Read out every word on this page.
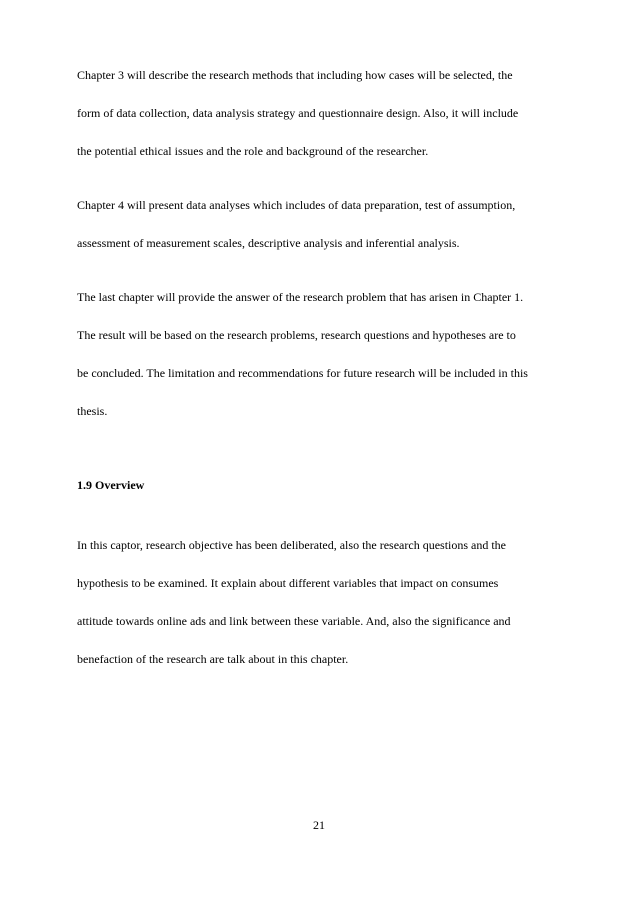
Chapter 3 will describe the research methods that including how cases will be selected, the
form of data collection, data analysis strategy and questionnaire design. Also, it will include
the potential ethical issues and the role and background of the researcher.
Chapter 4 will present data analyses which includes of data preparation, test of assumption,
assessment of measurement scales, descriptive analysis and inferential analysis.
The last chapter will provide the answer of the research problem that has arisen in Chapter 1.
The result will be based on the research problems, research questions and hypotheses are to
be concluded. The limitation and recommendations for future research will be included in this
thesis.
1.9 Overview
In this captor, research objective has been deliberated, also the research questions and the
hypothesis to be examined. It explain about different variables that impact on consumes
attitude towards online ads and link between these variable. And, also the significance and
benefaction of the research are talk about in this chapter.
21
